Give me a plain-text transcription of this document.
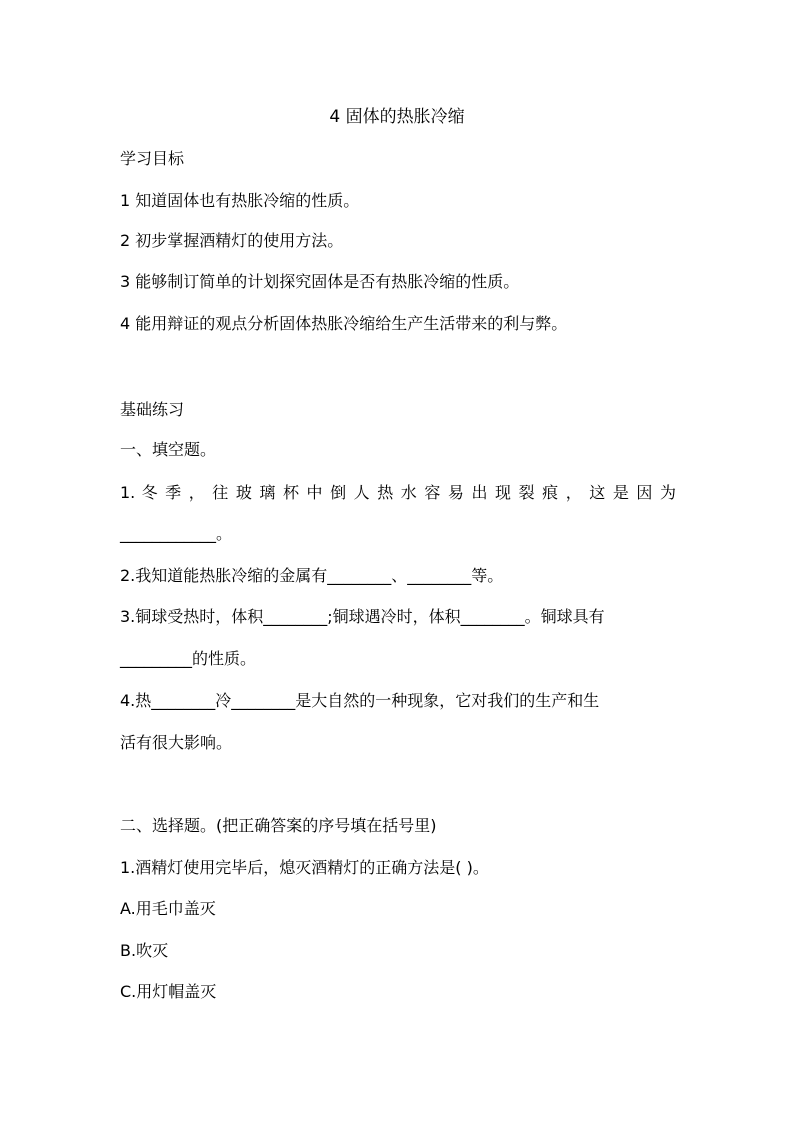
4 固体的热胀冷缩
学习目标
1 知道固体也有热胀冷缩的性质。
2 初步掌握酒精灯的使用方法。
3 能够制订简单的计划探究固体是否有热胀冷缩的性质。
4 能用辩证的观点分析固体热胀冷缩给生产生活带来的利与弊。
基础练习
一、填空题。
1. 冬 季 ， 往 玻 璃 杯 中 倒 人 热 水 容 易 出 现 裂 痕 ， 这 是 因 为
____________。
2.我知道能热胀冷缩的金属有________、________等。
3.铜球受热时，体积________;铜球遇冷时，体积________。铜球具有
_________的性质。
4.热________冷________是大自然的一种现象，它对我们的生产和生
活有很大影响。
二、选择题。(把正确答案的序号填在括号里)
1.酒精灯使用完毕后，熄灭酒精灯的正确方法是( )。
A.用毛巾盖灭
B.吹灭
C.用灯帽盖灭
